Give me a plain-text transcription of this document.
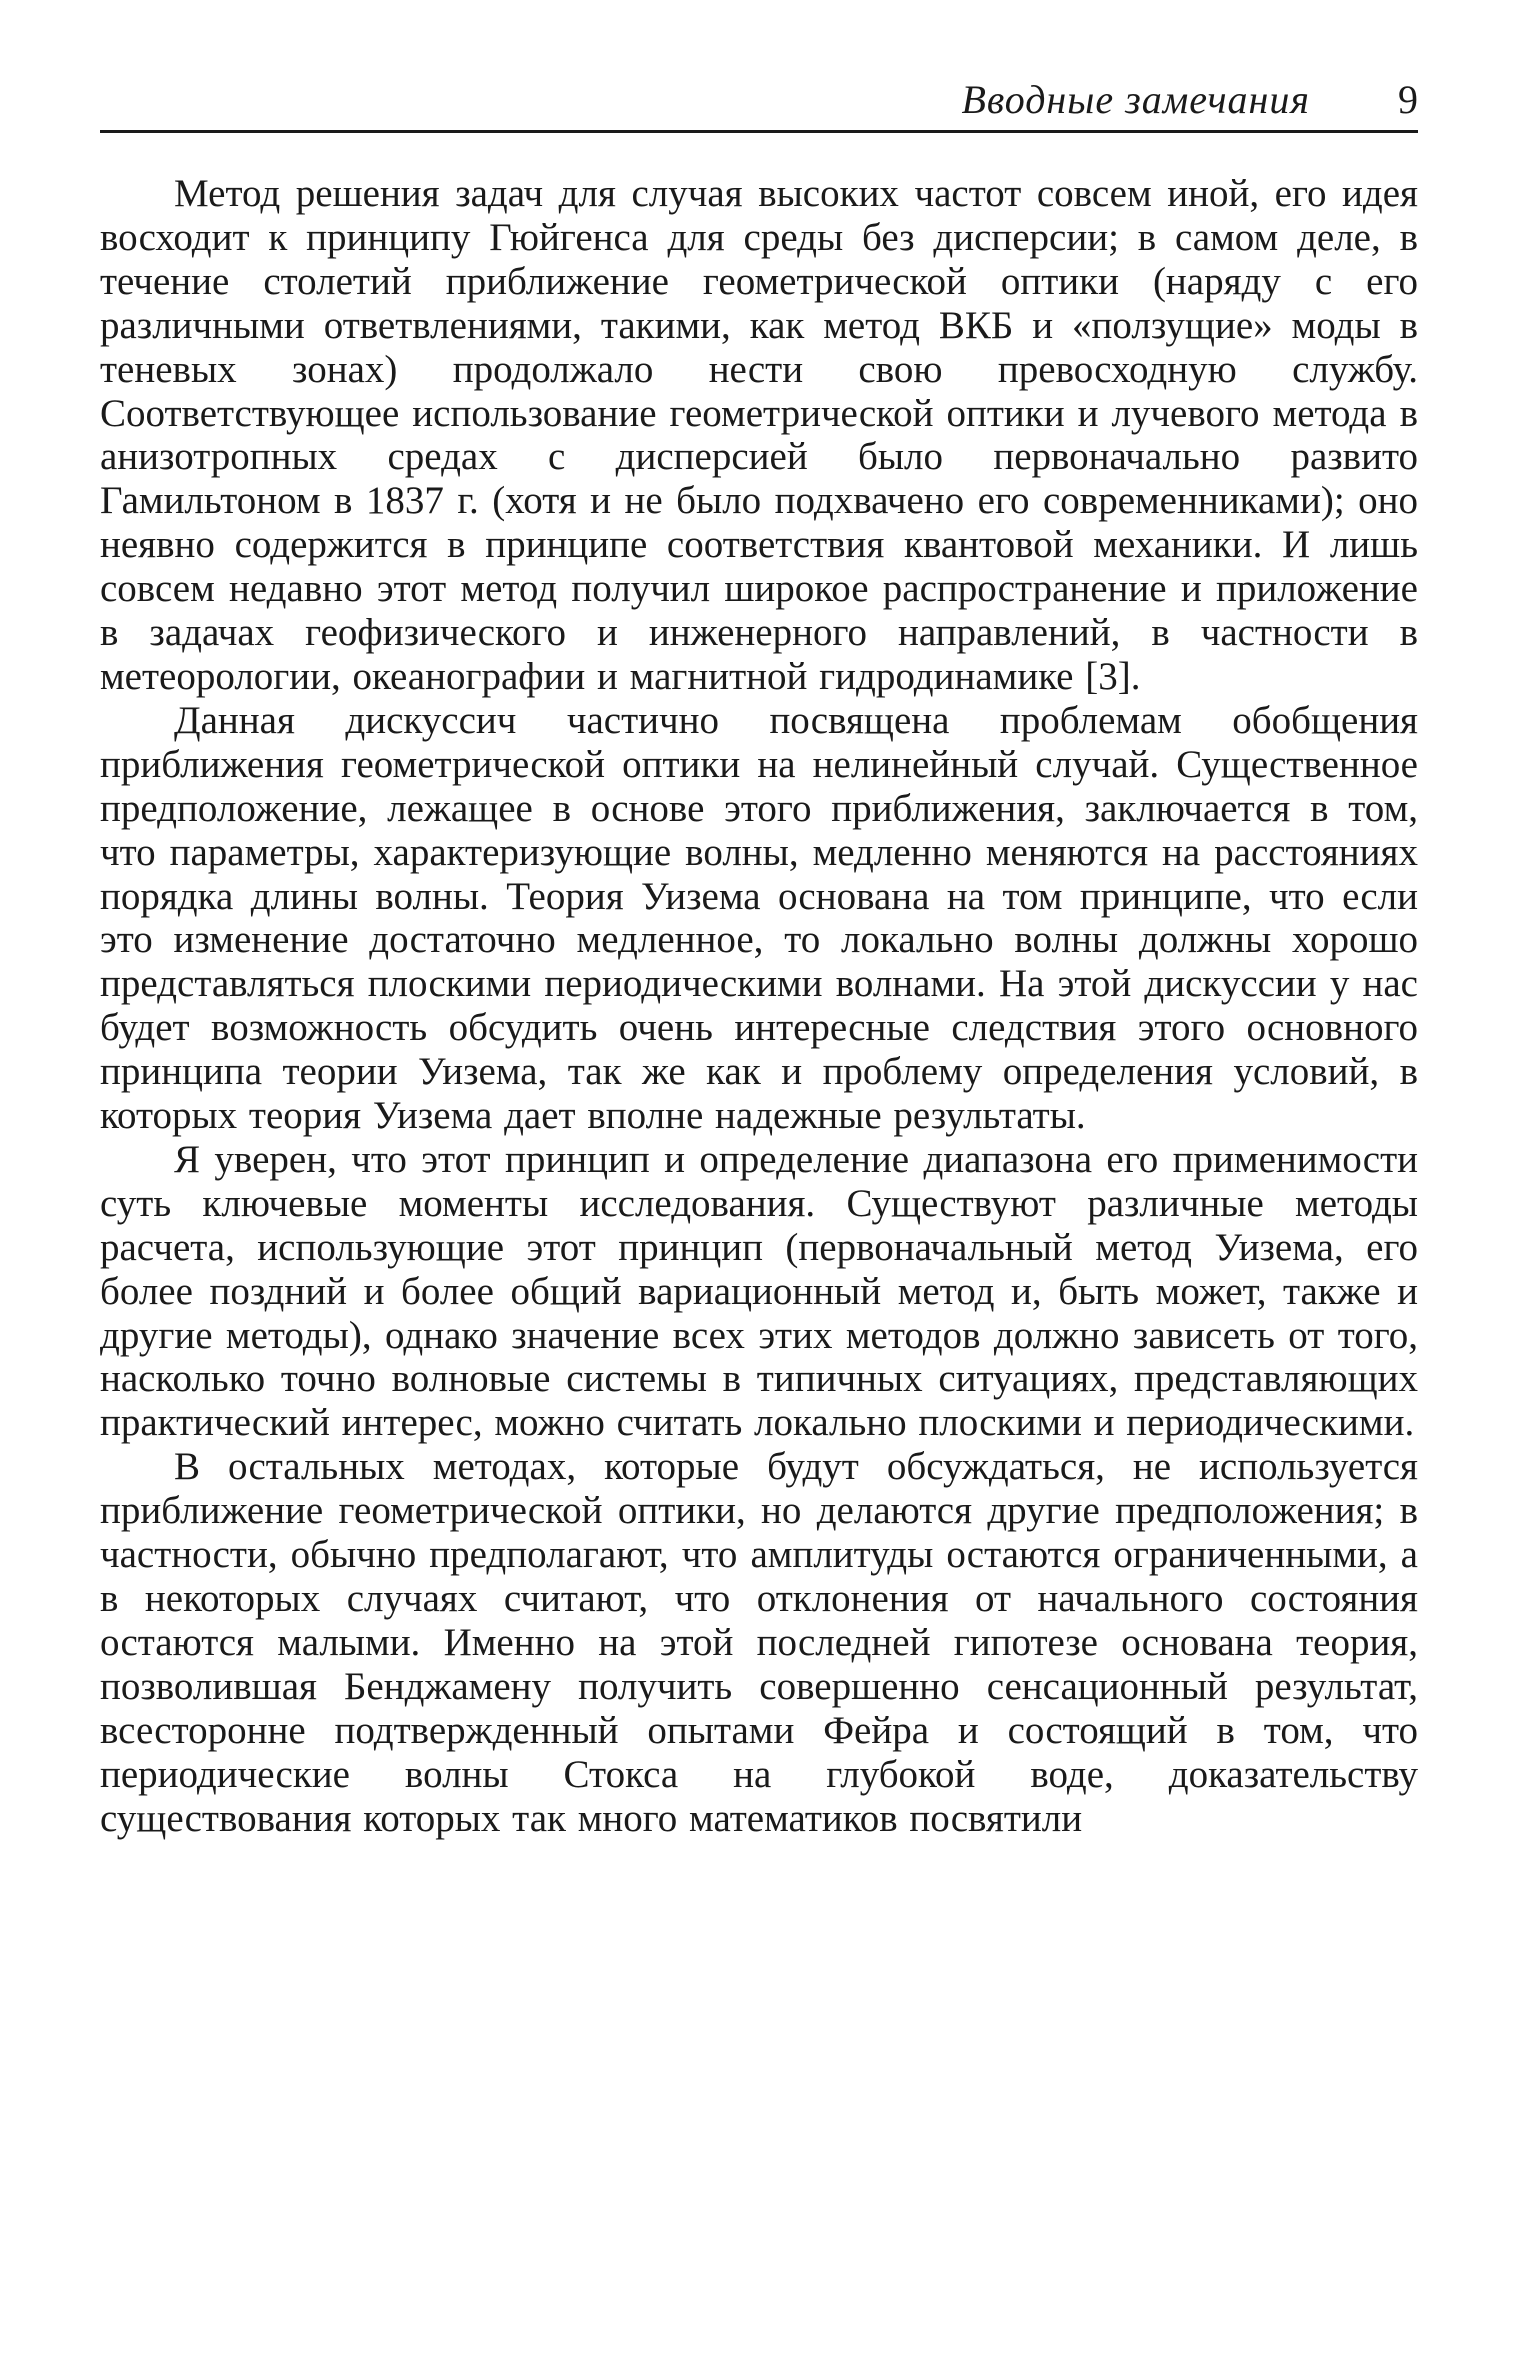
Вводные замечания 9

Метод решения задач для случая высоких частот совсем иной, его идея восходит к принципу Гюйгенса для среды без дисперсии; в самом деле, в течение столетий приближение геометрической оптики (наряду с его различными ответвлениями, такими, как метод ВКБ и «ползущие» моды в теневых зонах) продолжало нести свою превосходную службу. Соответствующее использование геометрической оптики и лучевого метода в анизотропных средах с дисперсией было первоначально развито Гамильтоном в 1837 г. (хотя и не было подхвачено его современниками); оно неявно содержится в принципе соответствия квантовой механики. И лишь совсем недавно этот метод получил широкое распространение и приложение в задачах геофизического и инженерного направлений, в частности в метеорологии, океанографии и магнитной гидродинамике [3].

Данная дискуссич частично посвящена проблемам обобщения приближения геометрической оптики на нелинейный случай. Существенное предположение, лежащее в основе этого приближения, заключается в том, что параметры, характеризующие волны, медленно меняются на расстояниях порядка длины волны. Теория Уизема основана на том принципе, что если это изменение достаточно медленное, то локально волны должны хорошо представляться плоскими периодическими волнами. На этой дискуссии у нас будет возможность обсудить очень интересные следствия этого основного принципа теории Уизема, так же как и проблему определения условий, в которых теория Уизема дает вполне надежные результаты.

Я уверен, что этот принцип и определение диапазона его применимости суть ключевые моменты исследования. Существуют различные методы расчета, использующие этот принцип (первоначальный метод Уизема, его более поздний и более общий вариационный метод и, быть может, также и другие методы), однако значение всех этих методов должно зависеть от того, насколько точно волновые системы в типичных ситуациях, представляющих практический интерес, можно считать локально плоскими и периодическими.

В остальных методах, которые будут обсуждаться, не используется приближение геометрической оптики, но делаются другие предположения; в частности, обычно предполагают, что амплитуды остаются ограниченными, а в некоторых случаях считают, что отклонения от начального состояния остаются малыми. Именно на этой последней гипотезе основана теория, позволившая Бенджамену получить совершенно сенсационный результат, всесторонне подтвержденный опытами Фейра и состоящий в том, что периодические волны Стокса на глубокой воде, доказательству существования которых так много математиков посвятили
